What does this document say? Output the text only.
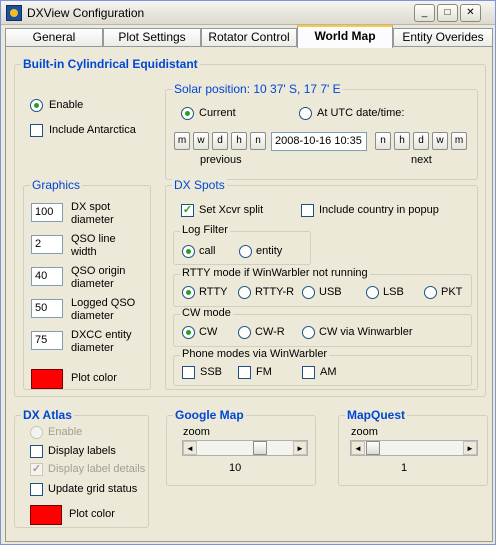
DXView Configuration	_	□	✕
General	Plot Settings	Rotator Control	World Map	Entity Overides
Built-in Cylindrical Equidistant
Enable
Include Antarctica
Solar position: 10 37' S, 17 7' E
Current	At UTC date/time:
m	w	d	h	n	2008-10-16 10:35	n	h	d	w	m
previous	next
Graphics
100	DX spot
diameter
2	QSO line
width
40	QSO origin
diameter
50	Logged QSO
diameter
75	DXCC entity
diameter
Plot color
DX Spots
✓ Set Xcvr split	Include country in popup
Log Filter
call	entity
RTTY mode if WinWarbler not running
RTTY RTTY-R USB	LSB	PKT
CW mode
CW	CW-R	CW via Winwarbler
Phone modes via WinWarbler
SSB	FM	AM
DX Atlas
Enable
Display labels
✓ Display label details
Update grid status
Plot color
Google Map
zoom
◄	►
10
MapQuest
zoom
◄	►
1
